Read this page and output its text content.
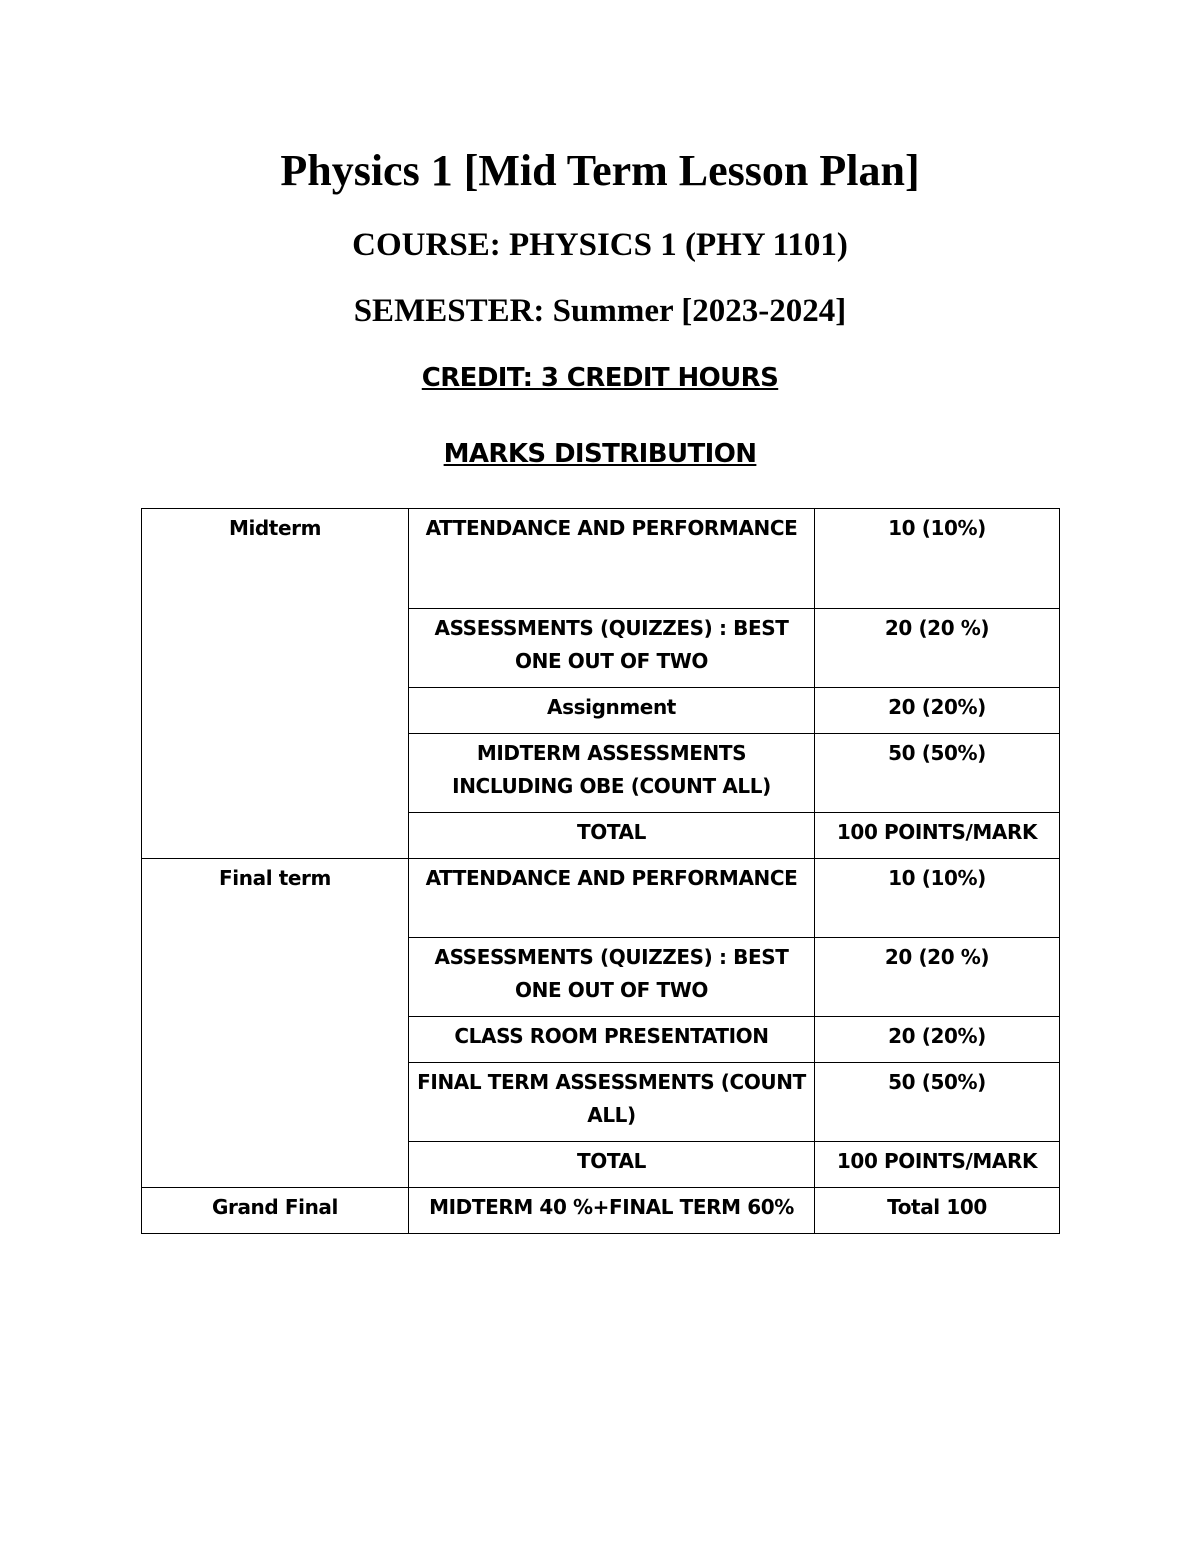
Physics 1 [Mid Term Lesson Plan]
COURSE: PHYSICS 1 (PHY 1101)
SEMESTER: Summer [2023-2024]
CREDIT: 3 CREDIT HOURS
MARKS DISTRIBUTION
Midterm	ATTENDANCE AND PERFORMANCE	10 (10%)
	ASSESSMENTS (QUIZZES) : BEST ONE OUT OF TWO	20 (20 %)
	Assignment	20 (20%)
	MIDTERM ASSESSMENTS INCLUDING OBE (COUNT ALL)	50 (50%)
	TOTAL	100 POINTS/MARK
Final term	ATTENDANCE AND PERFORMANCE	10 (10%)
	ASSESSMENTS (QUIZZES) : BEST ONE OUT OF TWO	20 (20 %)
	CLASS ROOM PRESENTATION	20 (20%)
	FINAL TERM ASSESSMENTS (COUNT ALL)	50 (50%)
	TOTAL	100 POINTS/MARK
Grand Final	MIDTERM 40 %+FINAL TERM 60%	Total 100
